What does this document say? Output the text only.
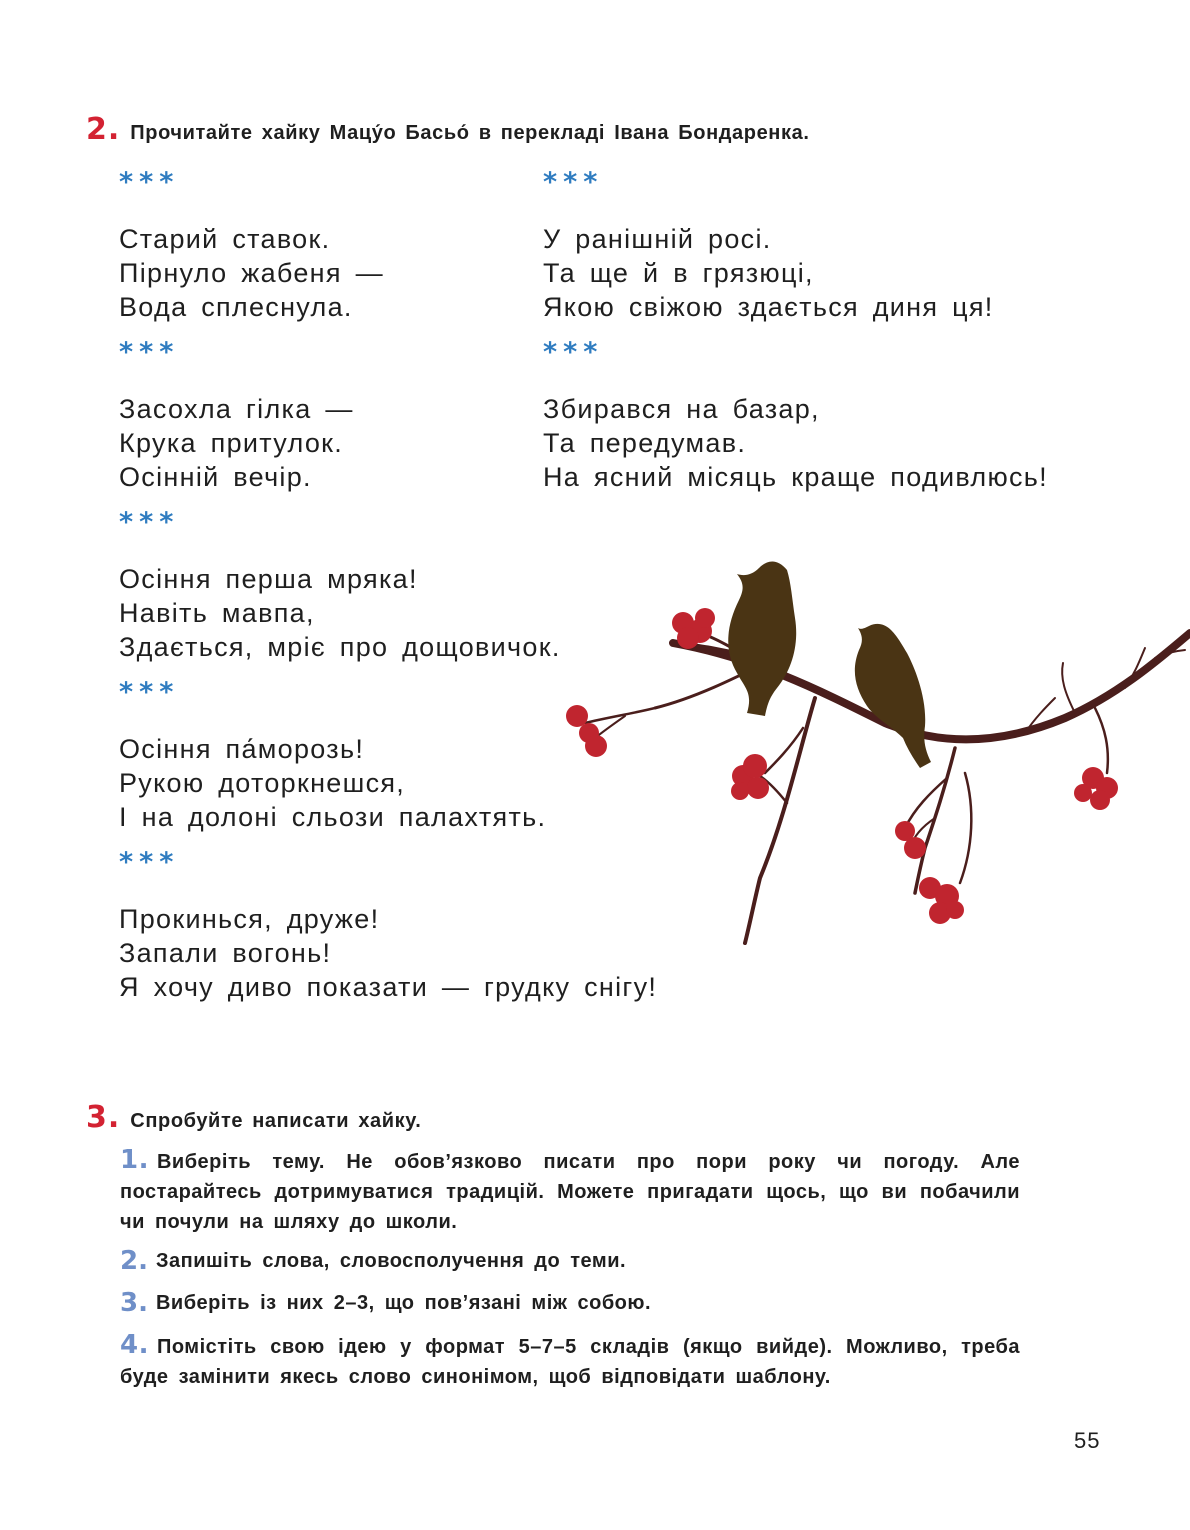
2. Прочитайте хайку Мацу́о Басьо́ в перекладі Івана Бондаренка.
***
Старий ставок.
Пірнуло жабеня —
Вода сплеснула.
***
У ранішній росі.
Та ще й в грязюці,
Якою свіжою здається диня ця!
***
Засохла гілка —
Крука притулок.
Осінній вечір.
***
Збирався на базар,
Та передумав.
На ясний місяць краще подивлюсь!
***
Осіння перша мряка!
Навіть мавпа,
Здається, мріє про дощовичок.
***
Осіння па́морозь!
Рукою доторкнешся,
І на долоні сльози палахтять.
***
Прокинься, друже!
Запали вогонь!
Я хочу диво показати — грудку снігу!
3. Спробуйте написати хайку.
1. Виберіть тему. Не обов’язково писати про пори року чи погоду. Але постарайтесь дотримуватися традицій. Можете пригадати щось, що ви побачили чи почули на шляху до школи.
2. Запишіть слова, словосполучення до теми.
3. Виберіть із них 2–3, що пов’язані між собою.
4. Помістіть свою ідею у формат 5–7–5 складів (якщо вийде). Можливо, треба буде замінити якесь слово синонімом, щоб відповідати шаблону.
55
